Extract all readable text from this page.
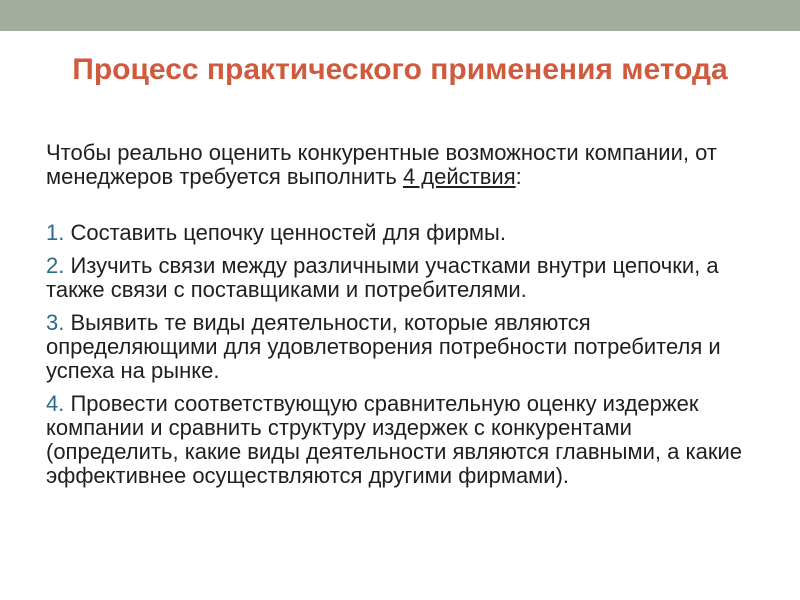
Процесс практического применения метода

Чтобы реально оценить конкурентные возможности компании, от менеджеров требуется выполнить 4 действия:

1. Составить цепочку ценностей для фирмы.

2. Изучить связи между различными участками внутри цепочки, а также связи с поставщиками и потребителями.

3. Выявить те виды деятельности, которые являются определяющими для удовлетворения потребности потребителя и успеха на рынке.

4. Провести соответствующую сравнительную оценку издержек компании и сравнить структуру издержек с конкурентами (определить, какие виды деятельности являются главными, а какие эффективнее осуществляются другими фирмами).
